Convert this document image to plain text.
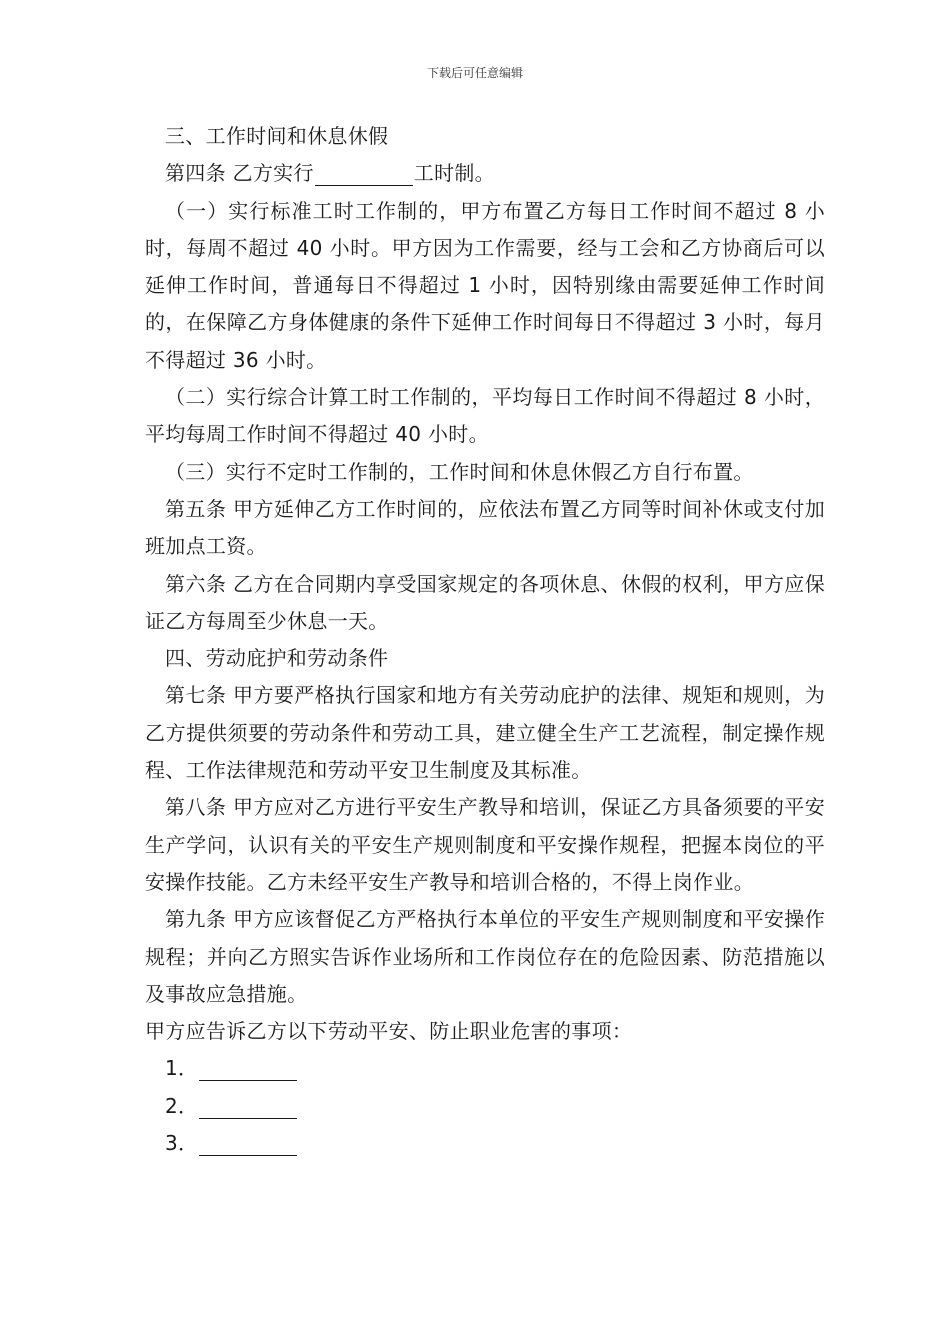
下载后可任意编辑

三、工作时间和休息休假

第四条 乙方实行	工时制。

（一）实行标准工时工作制的，甲方布置乙方每日工作时间不超过 8 小时，每周不超过 40 小时。甲方因为工作需要，经与工会和乙方协商后可以延伸工作时间，普通每日不得超过 1 小时，因特别缘由需要延伸工作时间的，在保障乙方身体健康的条件下延伸工作时间每日不得超过 3 小时，每月不得超过 36 小时。

（二）实行综合计算工时工作制的，平均每日工作时间不得超过 8 小时，平均每周工作时间不得超过 40 小时。

（三）实行不定时工作制的，工作时间和休息休假乙方自行布置。

第五条 甲方延伸乙方工作时间的，应依法布置乙方同等时间补休或支付加班加点工资。

第六条 乙方在合同期内享受国家规定的各项休息、休假的权利，甲方应保证乙方每周至少休息一天。

四、劳动庇护和劳动条件

第七条 甲方要严格执行国家和地方有关劳动庇护的法律、规矩和规则，为乙方提供须要的劳动条件和劳动工具，建立健全生产工艺流程，制定操作规程、工作法律规范和劳动平安卫生制度及其标准。

第八条 甲方应对乙方进行平安生产教导和培训，保证乙方具备须要的平安生产学问，认识有关的平安生产规则制度和平安操作规程，把握本岗位的平安操作技能。乙方未经平安生产教导和培训合格的，不得上岗作业。

第九条 甲方应该督促乙方严格执行本单位的平安生产规则制度和平安操作规程；并向乙方照实告诉作业场所和工作岗位存在的危险因素、防范措施以及事故应急措施。

甲方应告诉乙方以下劳动平安、防止职业危害的事项：

1．

2．

3．
